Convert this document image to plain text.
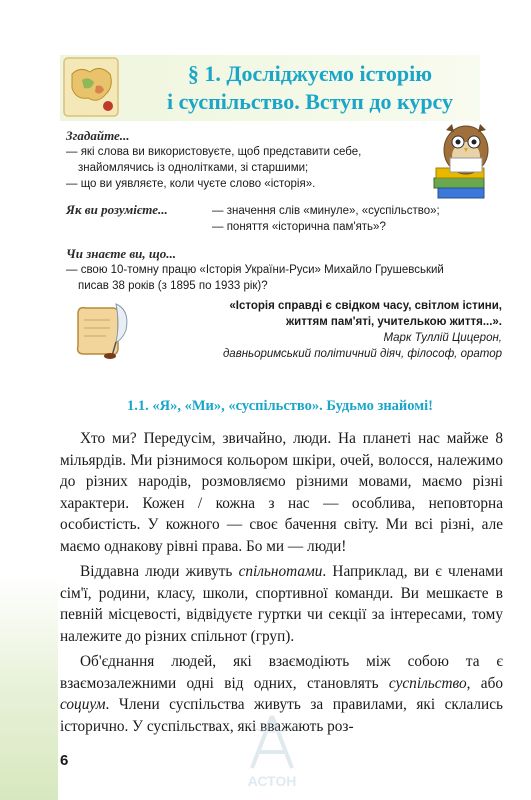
§ 1. Досліджуємо історію
і суспільство. Вступ до курсу

Згадайте...

— які слова ви використовуєте, щоб представити себе,

знайомлячись із однолітками, зі старшими;

— що ви уявляєте, коли чуєте слово «історія».

Як ви розумієте...	— значення слів «минуле», «суспільство»;

— поняття «історична пам'ять»?

Чи знаєте ви, що...

— свою 10-томну працю «Історія України-Руси» Михайло Грушевський

писав 38 років (з 1895 по 1933 рік)?

«Історія справді є свідком часу, світлом істини,

життям пам'яті, учителькою життя...».

Марк Туллій Цицерон,

давньоримський політичний діяч, філософ, оратор

1.1. «Я», «Ми», «суспільство». Будьмо знайомі!

Хто ми? Передусім, звичайно, люди. На планеті нас майже 8 мільярдів. Ми різнимося кольором шкіри, очей, волосся, належимо до різних народів, розмовляємо різними мовами, маємо різні характери. Кожен / кожна з нас — особлива, неповторна особистість. У кожного — своє бачення світу. Ми всі різні, але маємо однакову рівні права. Бо ми — люди!

Віддавна люди живуть спільнотами. Наприклад, ви є членами сім'ї, родини, класу, школи, спортивної команди. Ви мешкаєте в певній місцевості, відвідуєте гуртки чи секції за інтересами, тому належите до різних спільнот (груп).

Об'єднання людей, які взаємодіють між собою та є взаємозалежними одні від одних, становлять суспільство, або социум. Члени суспільства живуть за правилами, які склались історично. У суспільствах, які вважають роз-

АСТОН
6
